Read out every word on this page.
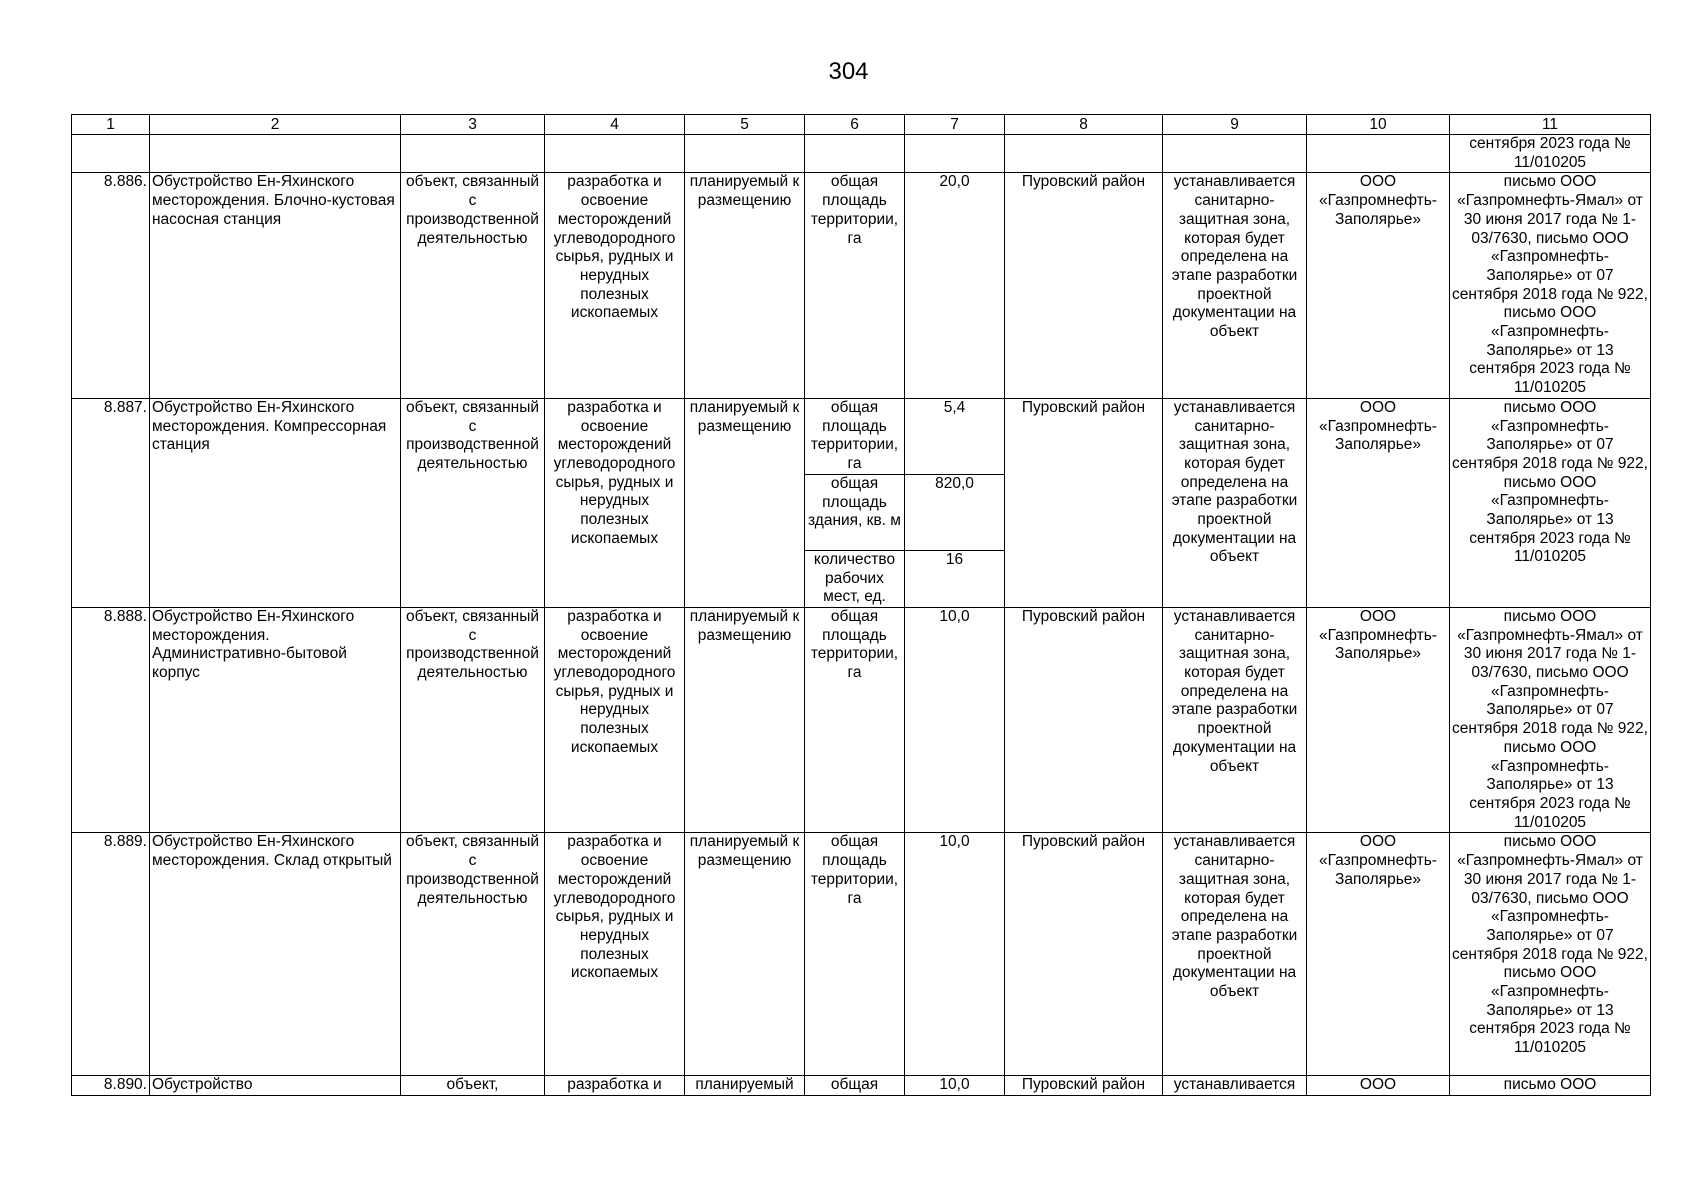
304
1	2	3	4	5	6	7	8	9	10	11
										сентября 2023 года № 11/010205
8.886.	Обустройство Ен-Яхинского месторождения. Блочно-кустовая насосная станция	объект, связанный с производственной деятельностью	разработка и освоение месторождений углеводородного сырья, рудных и нерудных полезных ископаемых	планируемый к размещению	общая площадь территории, га	20,0	Пуровский район	устанавливается санитарно-защитная зона, которая будет определена на этапе разработки проектной документации на объект	ООО «Газпромнефть-Заполярье»	письмо ООО «Газпромнефть-Ямал» от 30 июня 2017 года № 1-03/7630, письмо ООО «Газпромнефть-Заполярье» от 07 сентября 2018 года № 922, письмо ООО «Газпромнефть-Заполярье» от 13 сентября 2023 года № 11/010205
8.887.	Обустройство Ен-Яхинского месторождения. Компрессорная станция	объект, связанный с производственной деятельностью	разработка и освоение месторождений углеводородного сырья, рудных и нерудных полезных ископаемых	планируемый к размещению	общая площадь территории, га	5,4	Пуровский район	устанавливается санитарно-защитная зона, которая будет определена на этапе разработки проектной документации на объект	ООО «Газпромнефть-Заполярье»	письмо ООО «Газпромнефть-Заполярье» от 07 сентября 2018 года № 922, письмо ООО «Газпромнефть-Заполярье» от 13 сентября 2023 года № 11/010205
					общая площадь здания, кв. м	820,0				
					количество рабочих мест, ед.	16				
8.888.	Обустройство Ен-Яхинского месторождения. Административно-бытовой корпус	объект, связанный с производственной деятельностью	разработка и освоение месторождений углеводородного сырья, рудных и нерудных полезных ископаемых	планируемый к размещению	общая площадь территории, га	10,0	Пуровский район	устанавливается санитарно-защитная зона, которая будет определена на этапе разработки проектной документации на объект	ООО «Газпромнефть-Заполярье»	письмо ООО «Газпромнефть-Ямал» от 30 июня 2017 года № 1-03/7630, письмо ООО «Газпромнефть-Заполярье» от 07 сентября 2018 года № 922, письмо ООО «Газпромнефть-Заполярье» от 13 сентября 2023 года № 11/010205
8.889.	Обустройство Ен-Яхинского месторождения. Склад открытый	объект, связанный с производственной деятельностью	разработка и освоение месторождений углеводородного сырья, рудных и нерудных полезных ископаемых	планируемый к размещению	общая площадь территории, га	10,0	Пуровский район	устанавливается санитарно-защитная зона, которая будет определена на этапе разработки проектной документации на объект	ООО «Газпромнефть-Заполярье»	письмо ООО «Газпромнефть-Ямал» от 30 июня 2017 года № 1-03/7630, письмо ООО «Газпромнефть-Заполярье» от 07 сентября 2018 года № 922, письмо ООО «Газпромнефть-Заполярье» от 13 сентября 2023 года № 11/010205
8.890.	Обустройство	объект,	разработка и	планируемый	общая	10,0	Пуровский район	устанавливается	ООО	письмо ООО
